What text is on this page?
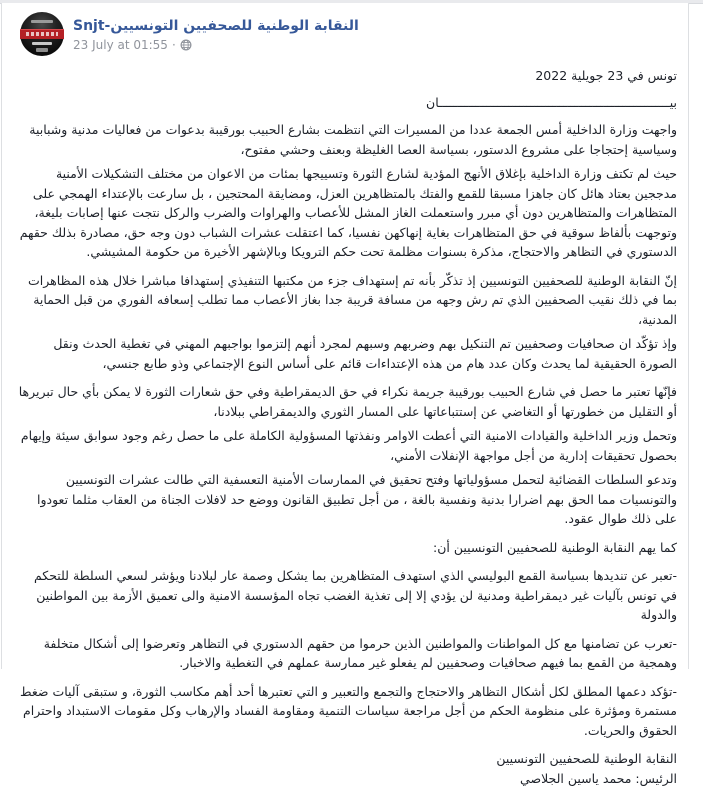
النقابة الوطنية للصحفيين التونسيين-Snjt
23 July at 01:55 ·
تونس في 23 جويلية 2022
بيـــــــــــــــــــــــــــــــــــــــــــــــــــــــــــــــان

واجهت وزارة الداخلية أمس الجمعة عددا من المسيرات التي انتظمت بشارع الحبيب بورقيبة بدعوات من فعاليات مدنية وشبابية وسياسية إحتجاجا على مشروع الدستور، بسياسة العصا الغليظة وبعنف وحشي مفتوح،

حيث لم تكتف وزارة الداخلية بإغلاق الأنهج المؤدية لشارع الثورة وتسييجها بمئات من الاعوان من مختلف التشكيلات الأمنية مدججين بعتاد هائل كان جاهزا مسبقا للقمع والفتك بالمتظاهرين العزل، ومضايقة المحتجين ، بل سارعت بالإعتداء الهمجي على المتظاهرات والمتظاهرين دون أي مبرر واستعملت الغاز المشل للأعصاب والهراوات والضرب والركل نتجت عنها إصابات بليغة، وتوجهت بألفاظ سوقية في حق المتظاهرات بغاية إنهاكهن نفسيا، كما اعتقلت عشرات الشباب دون وجه حق، مصادرة بذلك حقهم الدستوري في التظاهر والاحتجاج، مذكرة بسنوات مظلمة تحت حكم الترويكا وبالإشهر الأخيرة من حكومة المشيشي.

إنّ النقابة الوطنية للصحفيين التونسيين إذ تذكّر بأنه تم إستهداف جزء من مكتبها التنفيذي إستهدافا مباشرا خلال هذه المظاهرات بما في ذلك نقيب الصحفيين الذي تم رش وجهه من مسافة قريبة جدا بغاز الأعصاب مما تطلب إسعافه الفوري من قبل الحماية المدنية،

وإذ تؤكّد ان صحافيات وصحفيين تم التنكيل بهم وضربهم وسبهم لمجرد أنهم إلتزموا بواجبهم المهني في تغطية الحدث ونقل الصورة الحقيقية لما يحدث وكان عدد هام من هذه الإعتداءات قائم على أساس النوع الإجتماعي وذو طابع جنسي،

فإنّها تعتبر ما حصل في شارع الحبيب بورقيبة جريمة نكراء في حق الديمقراطية وفي حق شعارات الثورة لا يمكن بأي حال تبريرها أو التقليل من خطورتها أو التغاضي عن إستتباعاتها على المسار الثوري والديمقراطي ببلادنا،

وتحمل وزير الداخلية والقيادات الامنية التي أعطت الاوامر ونفذتها المسؤولية الكاملة على ما حصل رغم وجود سوابق سيئة وإيهام بحصول تحقيقات إدارية من أجل مواجهة الإنفلات الأمني،

وتدعو السلطات القضائية لتحمل مسؤولياتها وفتح تحقيق في الممارسات الأمنية التعسفية التي طالت عشرات التونسيين والتونسيات مما الحق بهم اضرارا بدنية ونفسية بالغة ، من أجل تطبيق القانون ووضع حد لافلات الجناة من العقاب مثلما تعودوا على ذلك طوال عقود.

كما يهم النقابة الوطنية للصحفيين التونسيين أن:

-تعبر عن تنديدها بسياسة القمع البوليسي الذي استهدف المتظاهرين بما يشكل وصمة عار لبلادنا ويؤشر لسعي السلطة للتحكم في تونس بآليات غير ديمقراطية ومدنية لن يؤدي إلا إلى تغذية الغضب تجاه المؤسسة الامنية والى تعميق الأزمة بين المواطنين والدولة

-تعرب عن تضامنها مع كل المواطنات والمواطنين الذين حرموا من حقهم الدستوري في التظاهر وتعرضوا إلى أشكال متخلفة وهمجية من القمع بما فيهم صحافيات وصحفيين لم يفعلو غير ممارسة عملهم في التغطية والاخبار.

-تؤكد دعمها المطلق لكل أشكال التظاهر والاحتجاج والتجمع والتعبير و التي تعتبرها أحد أهم مكاسب الثورة، و ستبقى آليات ضغط مستمرة ومؤثرة على منظومة الحكم من أجل مراجعة سياسات التنمية ومقاومة الفساد والإرهاب وكل مقومات الاستبداد واحترام الحقوق والحريات.

النقابة الوطنية للصحفيين التونسيين
الرئيس: محمد ياسين الجلاصي
